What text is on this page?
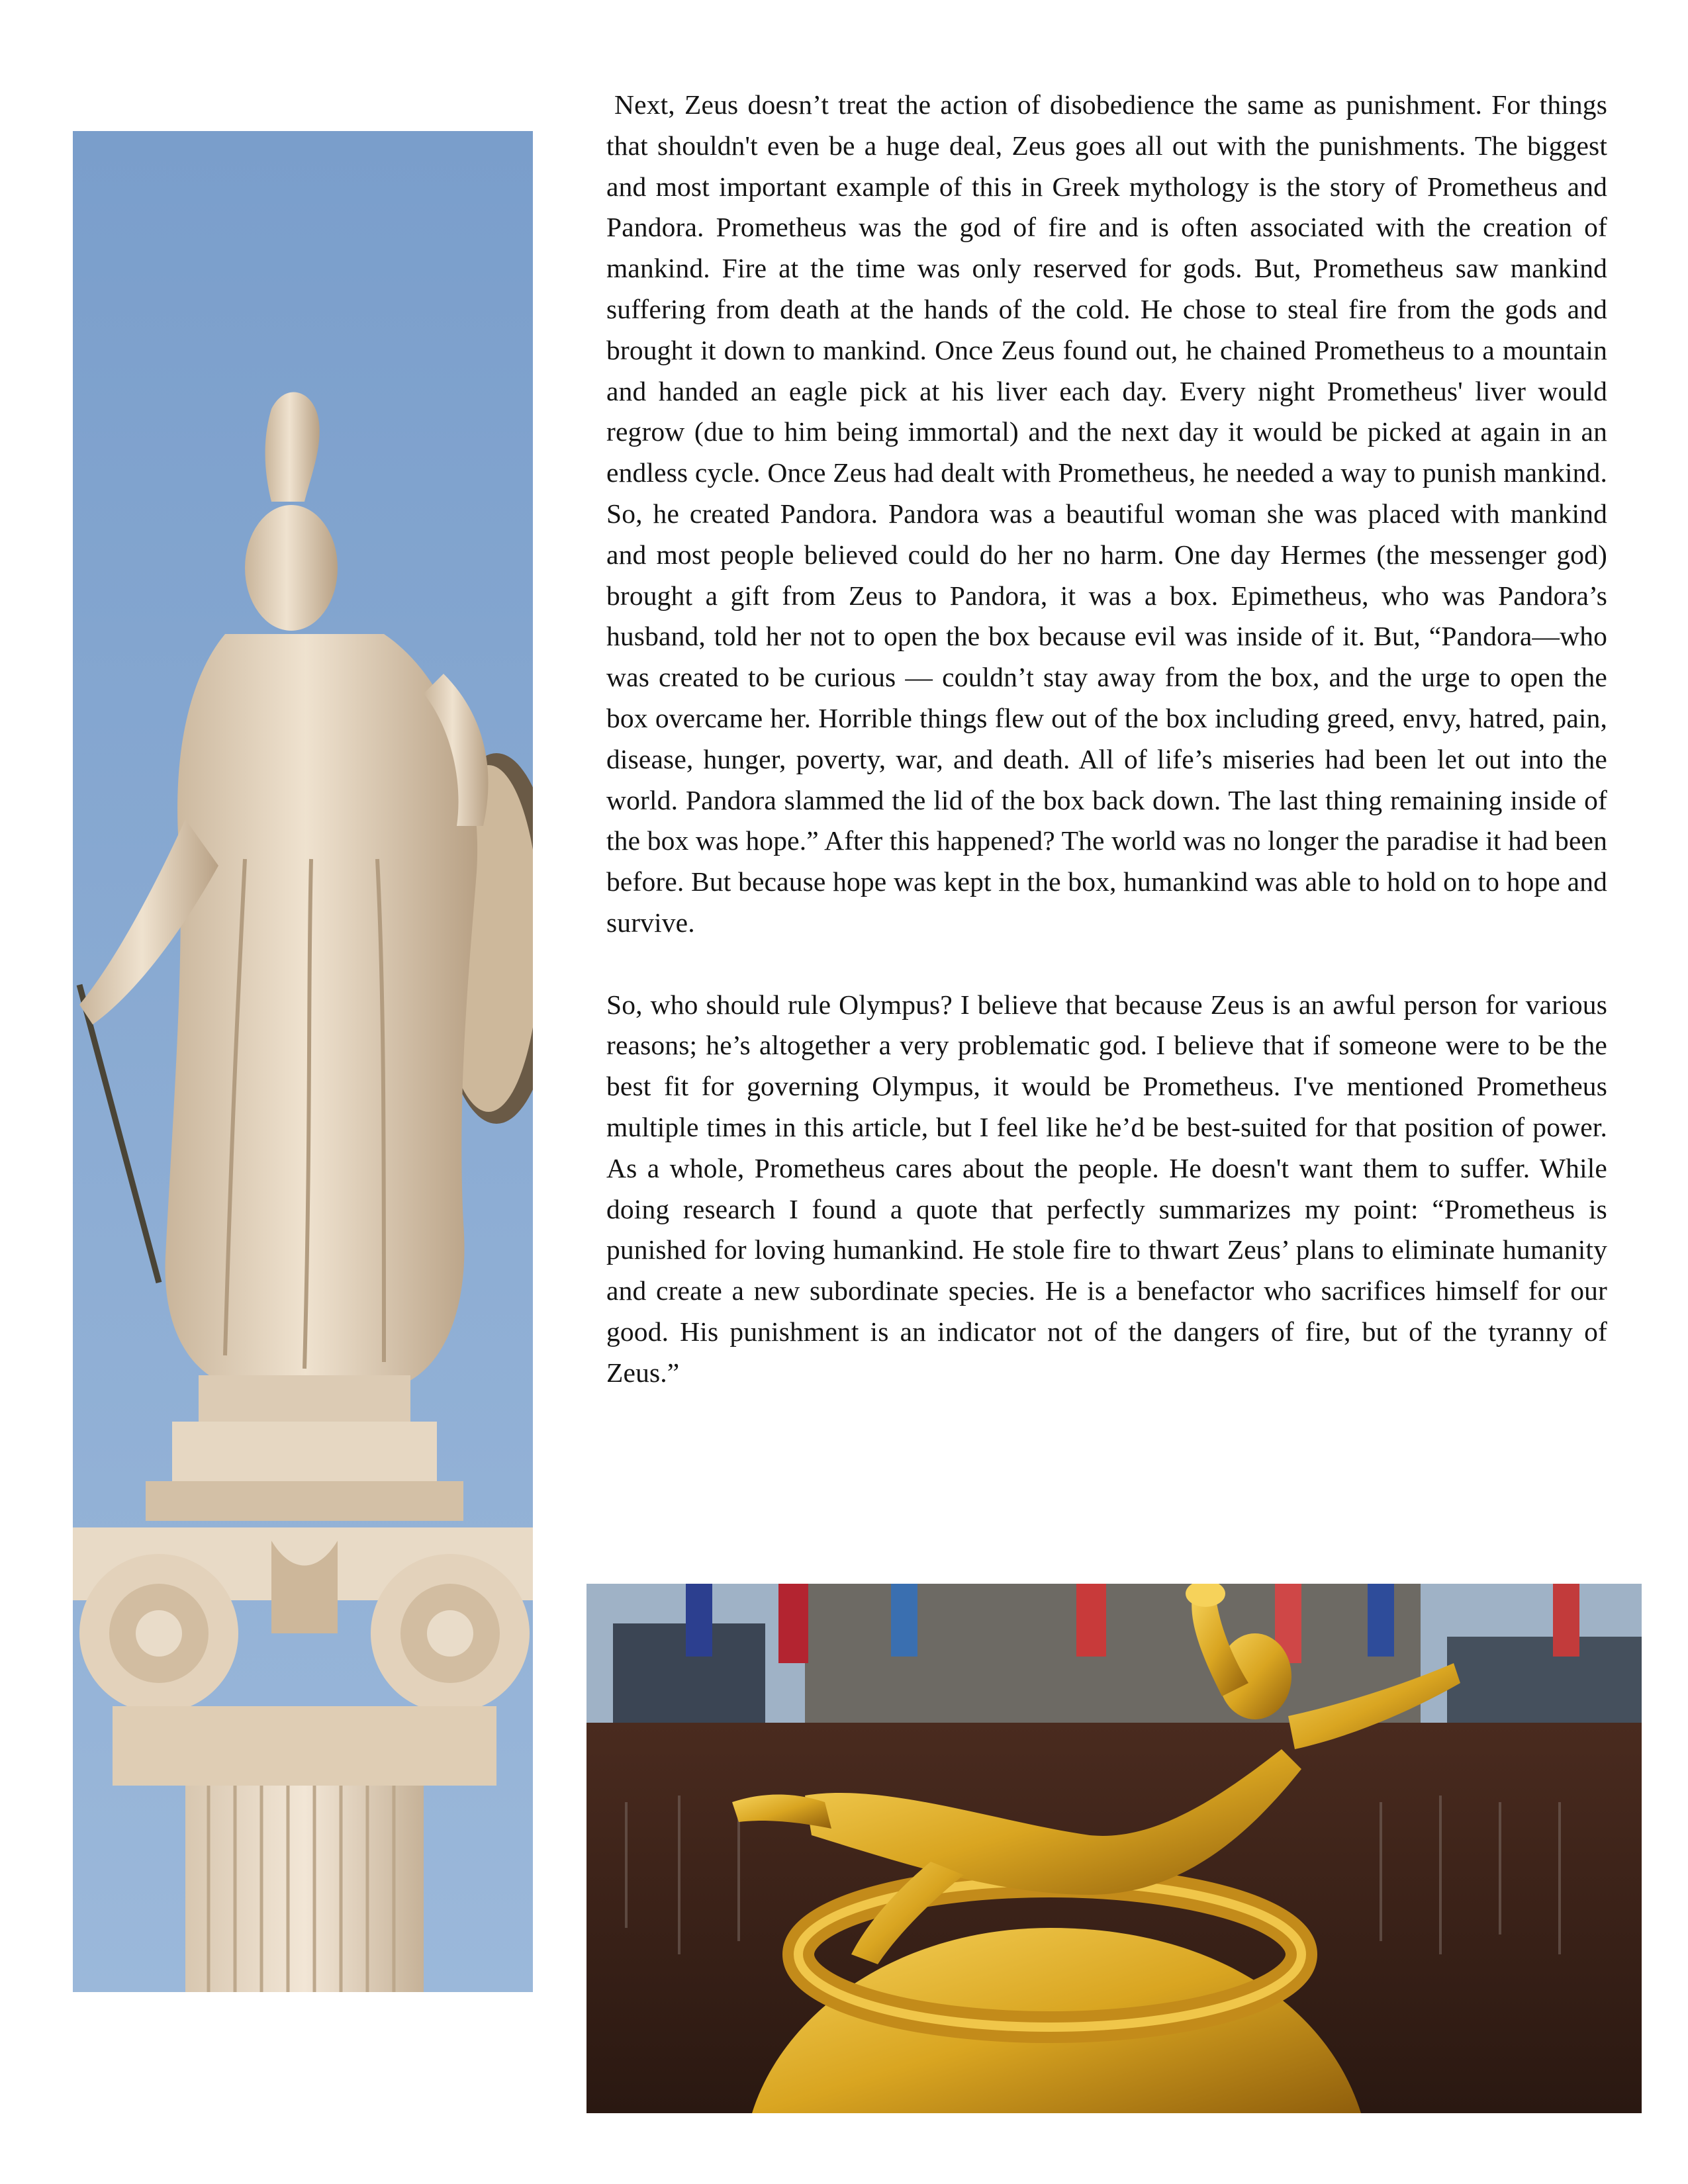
Next, Zeus doesn’t treat the action of disobedience the same as punishment. For things that shouldn't even be a huge deal, Zeus goes all out with the punishments. The biggest and most important example of this in Greek mythology is the story of Prometheus and Pandora. Prometheus was the god of fire and is often associated with the creation of mankind. Fire at the time was only reserved for gods. But, Prometheus saw mankind suffering from death at the hands of the cold. He chose to steal fire from the gods and brought it down to mankind. Once Zeus found out, he chained Prometheus to a mountain and handed an eagle pick at his liver each day. Every night Prometheus' liver would regrow (due to him being immortal) and the next day it would be picked at again in an endless cycle. Once Zeus had dealt with Prometheus, he needed a way to punish mankind. So, he created Pandora. Pandora was a beautiful woman she was placed with mankind and most people believed could do her no harm. One day Hermes (the messenger god) brought a gift from Zeus to Pandora, it was a box. Epimetheus, who was Pandora’s husband, told her not to open the box because evil was inside of it. But, “Pandora—who was created to be curious — couldn’t stay away from the box, and the urge to open the box overcame her. Horrible things flew out of the box including greed, envy, hatred, pain, disease, hunger, poverty, war, and death. All of life’s miseries had been let out into the world. Pandora slammed the lid of the box back down. The last thing remaining inside of the box was hope.” After this happened? The world was no longer the paradise it had been before. But because hope was kept in the box, humankind was able to hold on to hope and survive.

So, who should rule Olympus? I believe that because Zeus is an awful person for various reasons; he’s altogether a very problematic god. I believe that if someone were to be the best fit for governing Olympus, it would be Prometheus. I've mentioned Prometheus multiple times in this article, but I feel like he’d be best-suited for that position of power. As a whole, Prometheus cares about the people. He doesn't want them to suffer. While doing research I found a quote that perfectly summarizes my point: “Prometheus is punished for loving humankind. He stole fire to thwart Zeus’ plans to eliminate humanity and create a new subordinate species. He is a benefactor who sacrifices himself for our good. His punishment is an indicator not of the dangers of fire, but of the tyranny of Zeus.”
